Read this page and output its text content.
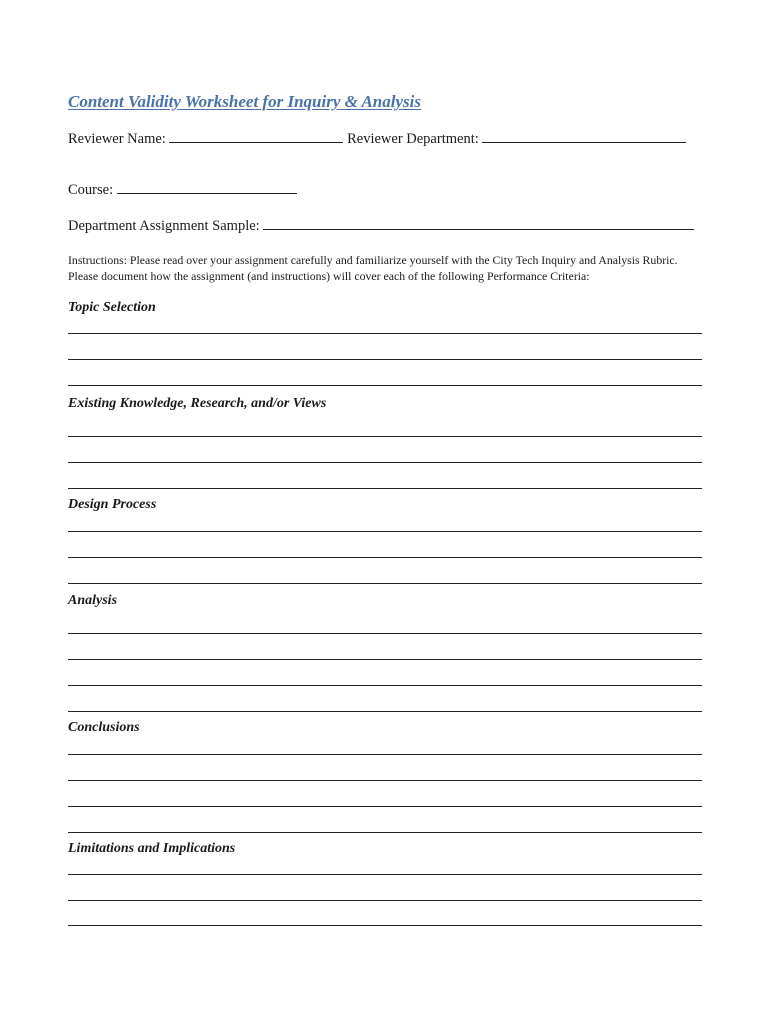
Content Validity Worksheet for Inquiry & Analysis
Reviewer Name:	Reviewer Department:
Course:
Department Assignment Sample:

Instructions: Please read over your assignment carefully and familiarize yourself with the City Tech Inquiry and Analysis Rubric. Please document how the assignment (and instructions) will cover each of the following Performance Criteria:

Topic Selection
Existing Knowledge, Research, and/or Views
Design Process
Analysis
Conclusions
Limitations and Implications
